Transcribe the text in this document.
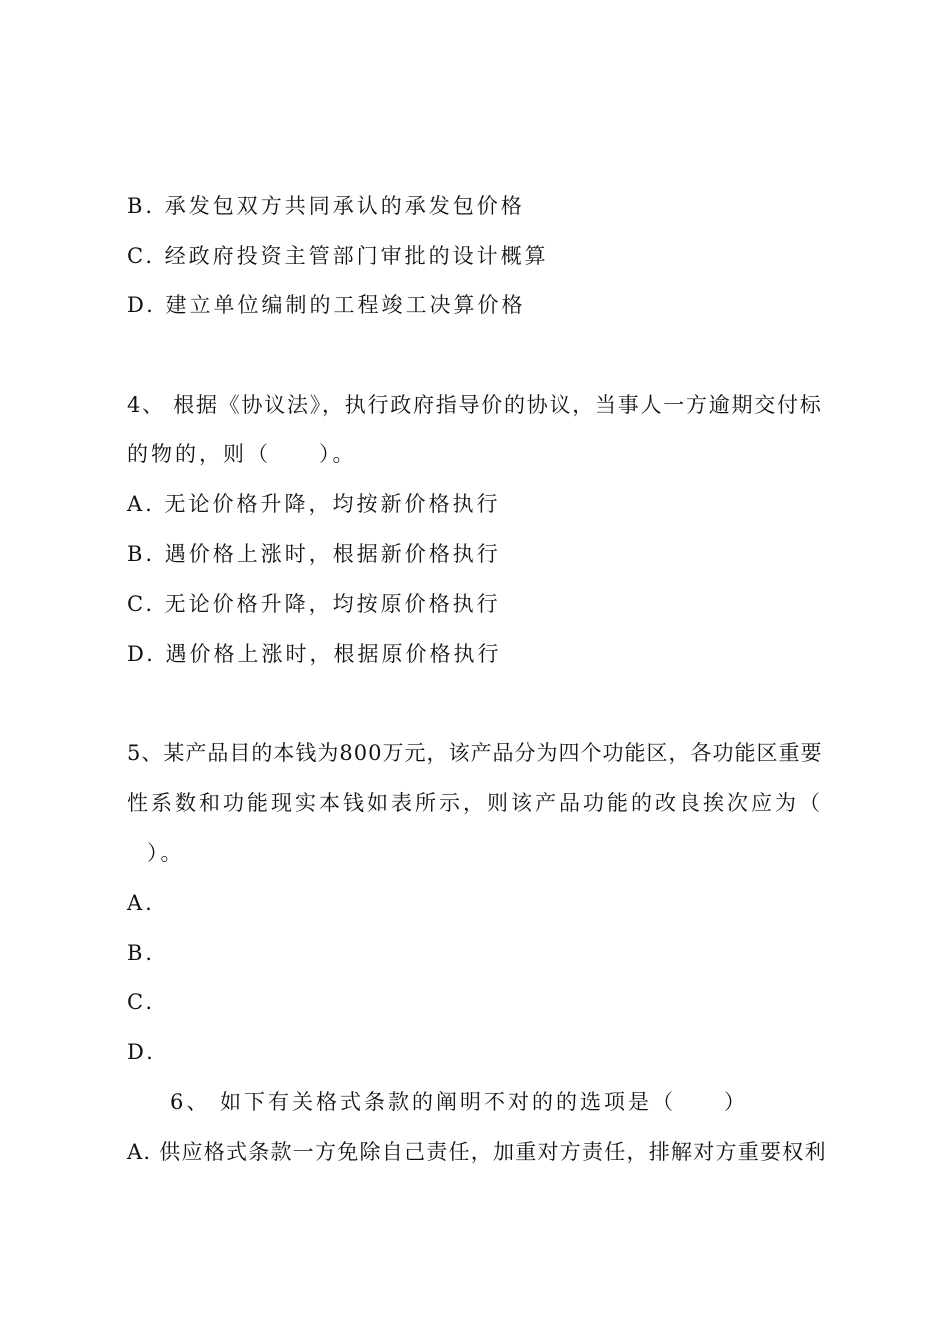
B. 承发包双方共同承认的承发包价格
C. 经政府投资主管部门审批的设计概算
D. 建立单位编制的工程竣工决算价格
4、 根据《协议法》，执行政府指导价的协议，当事人一方逾期交付标
的物的，则（　　）。
A. 无论价格升降，均按新价格执行
B. 遇价格上涨时，根据新价格执行
C. 无论价格升降，均按原价格执行
D. 遇价格上涨时，根据原价格执行
5、某产品目的本钱为800万元，该产品分为四个功能区，各功能区重要
性系数和功能现实本钱如表所示，则该产品功能的改良挨次应为（
）。
A.
B.
C.
D.
6、 如下有关格式条款的阐明不对的的选项是（　　）
A. 供应格式条款一方免除自己责任，加重对方责任，排解对方重要权利
